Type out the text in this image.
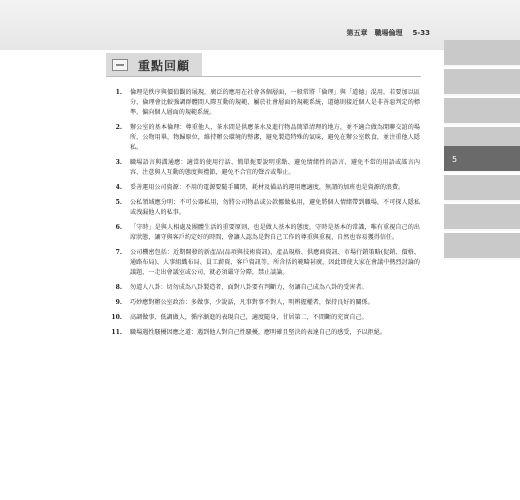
第五章　職場倫理 5-33
5
重點回顧
1.	倫理是秩序與價值觀的展現，廣泛的應用在社會各個層面，一般常將「倫理」與「道德」混用，若要加以區分，倫理會比較強調群體間人際互動的規範，屬於社會層面的規範系統，道德則接近個人是非善惡判定的標準，偏向個人層面的規範系統。
2.	辦公室的基本倫理：尊重他人，茶水間是供應茶水及進行物品簡單清理的地方，並不適合做為閒聊交誼的場所，公物用畢，物歸原位，維持辦公環境的整潔，避免製造特殊的氣味，避免在辦公室飲食，並注重他人隱私。
3.	職場語言與溝通應：適當的使用行話、簡單扼要說明重點、避免情緒性的語言、避免不當的用語或謠言內容、注意與人互動的態度與禮節、避免不合宜的聲音或舉止。
4.	妥善運用公司資源：不用的電源要隨手關閉，耗材及備品的運用應適度，無謂的加班也是資源的浪費。
5.	公私領域應分明：不可公器私用，勿將公司物品或公款挪做私用，避免將個人情緒帶到職場，不可探人隱私或洩漏他人的私事。
6.	「守時」是與人相處及團體生活的重要原則，也是做人基本的態度，守時是基本的常識，唯有重視自己的出席狀態，讓守與客戶約定好的時間，會讓人認為是對自己工作的尊重與重視，自然也容易獲得信任。
7.	公司機密包括：近期開發的新產品(品項與技術資訊)、產品規格、供應商資訊、市場行銷策略(促銷、價格、通路布局)、人事組織布局、員工薪資、客戶資訊等，所含括的範疇甚廣，因此即使大家在會議中熱烈討論的議題，一走出會議室或公司，就必須嚴守分際，禁止談論。
8.	勿道人八卦：切勿成為八卦製造者，面對八卦要有判斷力，勿讓自己成為八卦的受害者。
9.	巧妙應對辦公室政治：多做事，少說話，凡事對事不對人，明辨握權者，保持良好的關係。
10.	高調做事、低調做人，循序漸進的表現自己，適度隨身，甘居第二，不間斷的充實自己。
11.	職場遇性騷擾因應之道：遇到他人對自己性騷擾，應明確且堅決的表達自己的感受，予以拒絕。
